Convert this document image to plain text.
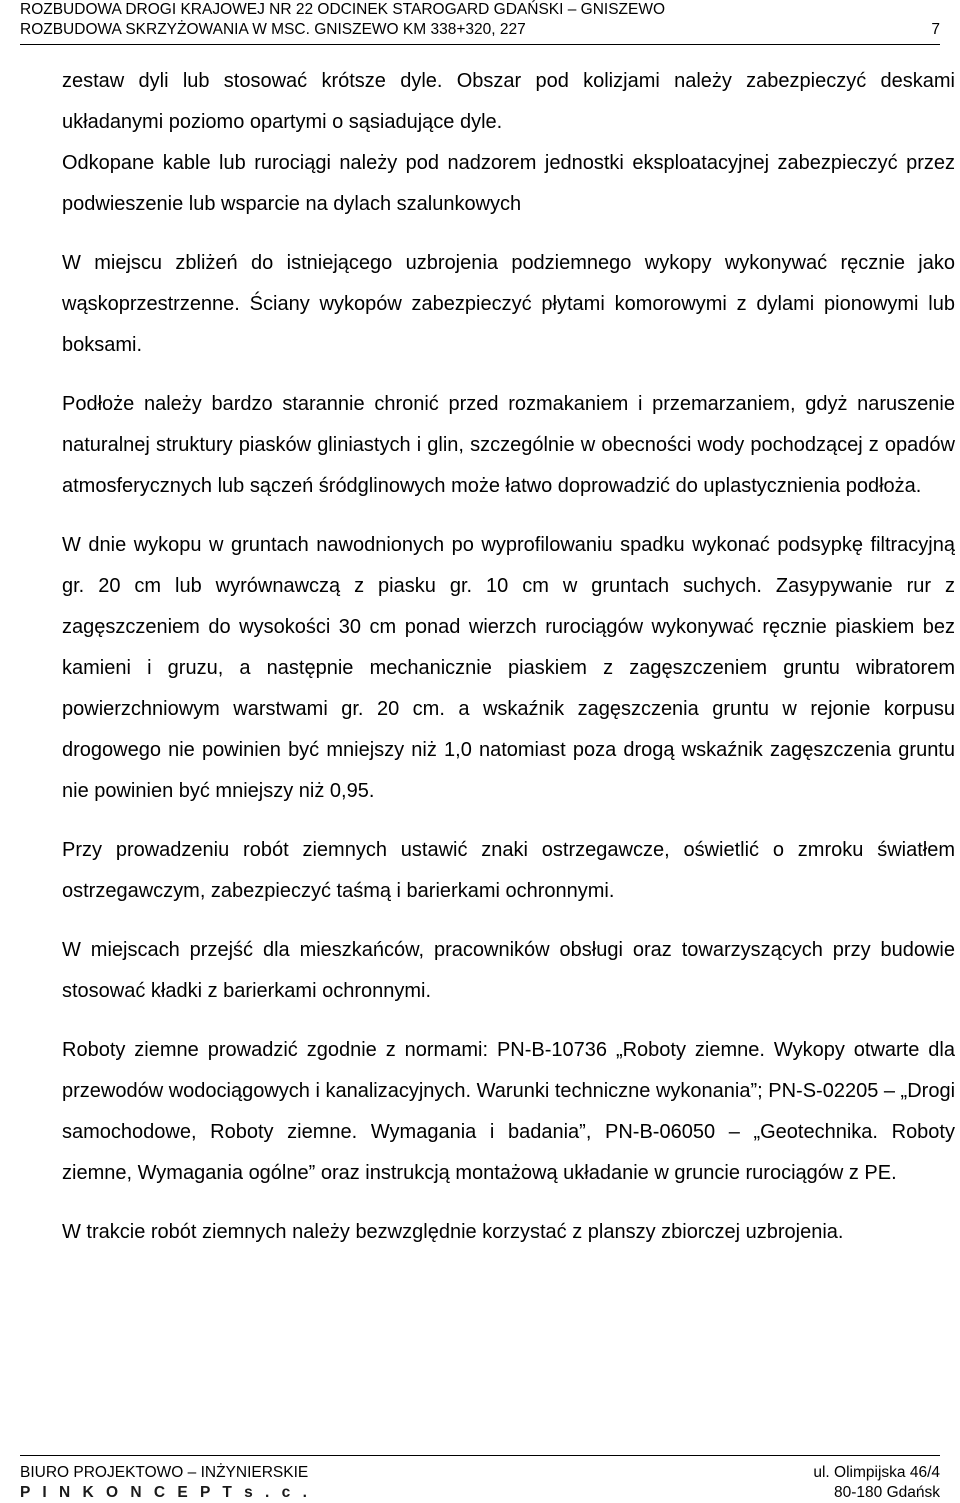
ROZBUDOWA DROGI KRAJOWEJ NR 22 ODCINEK STAROGARD GDAŃSKI – GNISZEWO
ROZBUDOWA SKRZYŻOWANIA W MSC. GNISZEWO KM 338+320, 227	7

zestaw dyli lub stosować krótsze dyle. Obszar pod kolizjami należy zabezpieczyć deskami układanymi poziomo opartymi o sąsiadujące dyle.

Odkopane kable lub rurociągi należy pod nadzorem jednostki eksploatacyjnej zabezpieczyć przez podwieszenie lub wsparcie na dylach szalunkowych

W miejscu zbliżeń do istniejącego uzbrojenia podziemnego wykopy wykonywać ręcznie jako wąskoprzestrzenne. Ściany wykopów zabezpieczyć płytami komorowymi z dylami pionowymi lub boksami.

Podłoże należy bardzo starannie chronić przed rozmakaniem i przemarzaniem, gdyż naruszenie naturalnej struktury piasków gliniastych i glin, szczególnie w obecności wody pochodzącej z opadów atmosferycznych lub sączeń śródglinowych może łatwo doprowadzić do uplastycznienia podłoża.

W dnie wykopu w gruntach nawodnionych po wyprofilowaniu spadku wykonać podsypkę filtracyjną gr. 20 cm lub wyrównawczą z piasku gr. 10 cm w gruntach suchych. Zasypywanie rur z zagęszczeniem do wysokości 30 cm ponad wierzch rurociągów wykonywać ręcznie piaskiem bez kamieni i gruzu, a następnie mechanicznie piaskiem z zagęszczeniem gruntu wibratorem powierzchniowym warstwami gr. 20 cm. a wskaźnik zagęszczenia gruntu w rejonie korpusu drogowego nie powinien być mniejszy niż 1,0 natomiast poza drogą wskaźnik zagęszczenia gruntu nie powinien być mniejszy niż 0,95.

Przy prowadzeniu robót ziemnych ustawić znaki ostrzegawcze, oświetlić o zmroku światłem ostrzegawczym, zabezpieczyć taśmą i barierkami ochronnymi.

W miejscach przejść dla mieszkańców, pracowników obsługi oraz towarzyszących przy budowie stosować kładki z barierkami ochronnymi.

Roboty ziemne prowadzić zgodnie z normami: PN-B-10736 „Roboty ziemne. Wykopy otwarte dla przewodów wodociągowych i kanalizacyjnych. Warunki techniczne wykonania”; PN-S-02205 – „Drogi samochodowe, Roboty ziemne. Wymagania i badania”, PN-B-06050 – „Geotechnika. Roboty ziemne, Wymagania ogólne” oraz instrukcją montażową układanie w gruncie rurociągów z PE.

W trakcie robót ziemnych należy bezwzględnie korzystać z planszy zbiorczej uzbrojenia.

BIURO PROJEKTOWO – INŻYNIERSKIE	ul. Olimpijska 46/4
P I N K O N C E P T s . c .	80-180 Gdańsk
